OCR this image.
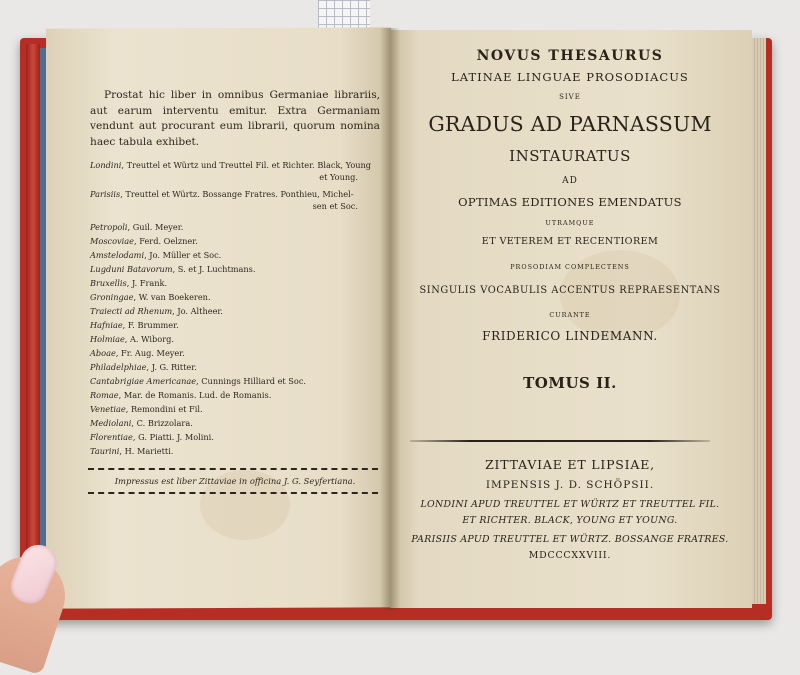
Prostat hic liber in omnibus Germaniae librariis, aut earum interventu emitur. Extra Germaniam vendunt aut procurant eum librarii, quorum nomina haec tabula exhibet.
Londini, Treuttel et Würtz und Treuttel Fil. et Richter. Black, Young
et Young.
Parisiis, Treuttel et Würtz. Bossange Fratres. Ponthieu, Michel-
sen et Soc.
Petropoli, Guil. Meyer.
Moscoviae, Ferd. Oelzner.
Amstelodami, Jo. Müller et Soc.
Lugduni Batavorum, S. et J. Luchtmans.
Bruxellis, J. Frank.
Groningae, W. van Boekeren.
Traiecti ad Rhenum, Jo. Altheer.
Hafniae, F. Brummer.
Holmiae, A. Wiborg.
Aboae, Fr. Aug. Meyer.
Philadelphiae, J. G. Ritter.
Cantabrigiae Americanae, Cunnings Hilliard et Soc.
Romae, Mar. de Romanis. Lud. de Romanis.
Venetiae, Remondini et Fil.
Mediolani, C. Brizzolara.
Florentiae, G. Piatti. J. Molini.
Taurini, H. Marietti.
Impressus est liber Zittaviae in officina J. G. Seyfertiana.
NOVUS THESAURUS
LATINAE LINGUAE PROSODIACUS
SIVE
GRADUS AD PARNASSUM
INSTAURATUS
AD
OPTIMAS EDITIONES EMENDATUS
UTRAMQUE
ET VETEREM ET RECENTIOREM
PROSODIAM COMPLECTENS
SINGULIS VOCABULIS ACCENTUS REPRAESENTANS
CURANTE
FRIDERICO LINDEMANN.
TOMUS II.
ZITTAVIAE ET LIPSIAE,
IMPENSIS J. D. SCHÖPSII.
LONDINI APUD TREUTTEL ET WÜRTZ ET TREUTTEL FIL.
ET RICHTER. BLACK, YOUNG ET YOUNG.
PARISIIS APUD TREUTTEL ET WÜRTZ. BOSSANGE FRATRES.
MDCCCXXVIII.
